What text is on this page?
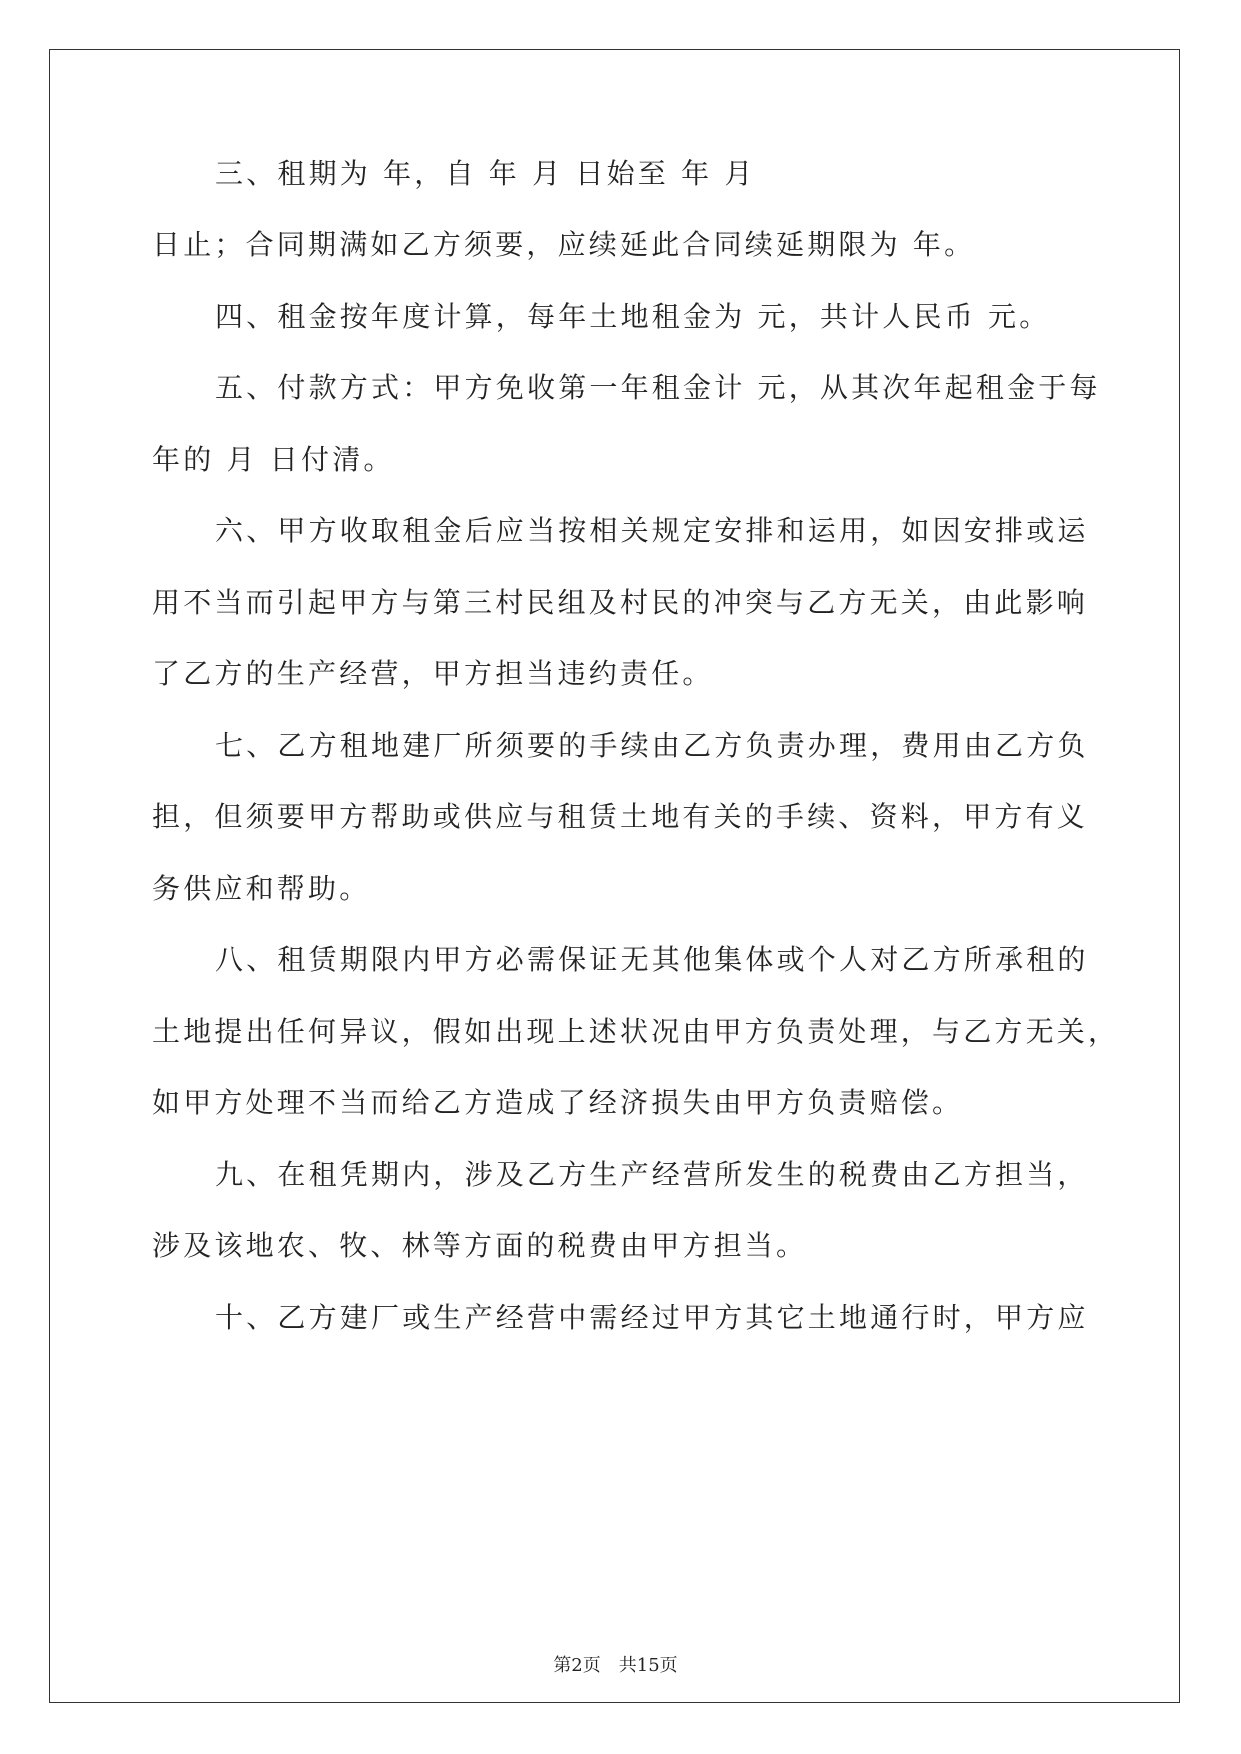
三、租期为 年，自 年 月 日始至 年 月
日止；合同期满如乙方须要，应续延此合同续延期限为 年。
四、租金按年度计算，每年土地租金为 元，共计人民币 元。
五、付款方式：甲方免收第一年租金计 元，从其次年起租金于每
年的 月 日付清。
六、甲方收取租金后应当按相关规定安排和运用，如因安排或运
用不当而引起甲方与第三村民组及村民的冲突与乙方无关，由此影响
了乙方的生产经营，甲方担当违约责任。
七、乙方租地建厂所须要的手续由乙方负责办理，费用由乙方负
担，但须要甲方帮助或供应与租赁土地有关的手续、资料，甲方有义
务供应和帮助。
八、租赁期限内甲方必需保证无其他集体或个人对乙方所承租的
土地提出任何异议，假如出现上述状况由甲方负责处理，与乙方无关，
如甲方处理不当而给乙方造成了经济损失由甲方负责赔偿。
九、在租凭期内，涉及乙方生产经营所发生的税费由乙方担当，
涉及该地农、牧、林等方面的税费由甲方担当。
十、乙方建厂或生产经营中需经过甲方其它土地通行时，甲方应
第2页 共15页
